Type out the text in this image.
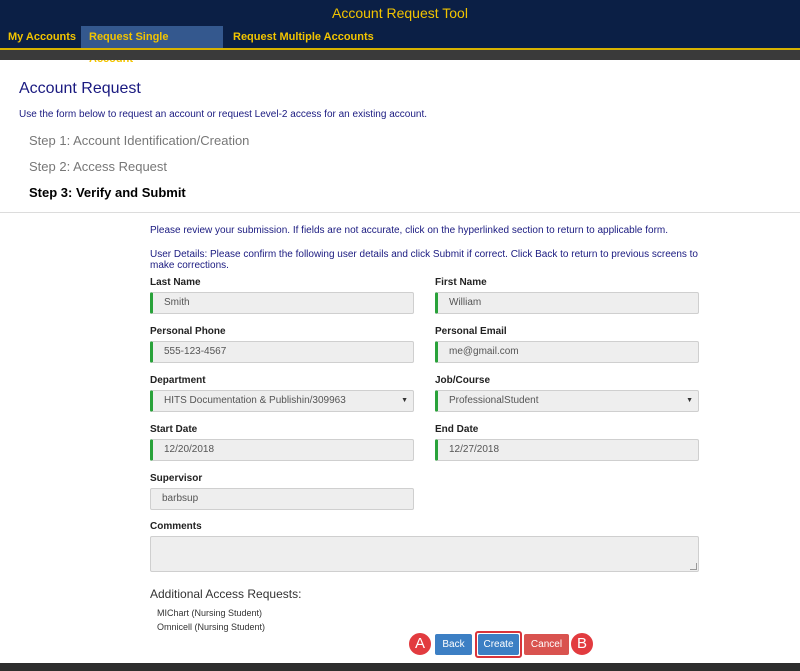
Account Request Tool
My Accounts	Request Single	Request Multiple Accounts
Account Request
Use the form below to request an account or request Level-2 access for an existing account.
Step 1: Account Identification/Creation
Step 2: Access Request
Step 3: Verify and Submit
Please review your submission. If fields are not accurate, click on the hyperlinked section to return to applicable form.
User Details: Please confirm the following user details and click Submit if correct. Click Back to return to previous screens to make corrections.
Last Name
Smith
First Name
William
Personal Phone
555-123-4567
Personal Email
me@gmail.com
Department
HITS Documentation & Publishin/309963	▼
Job/Course
ProfessionalStudent	▼
Start Date
12/20/2018
End Date
12/27/2018
Supervisor
barbsup
Comments
Additional Access Requests:
MIChart (Nursing Student)
Omnicell (Nursing Student)
Back	Create	Cancel
A	B
